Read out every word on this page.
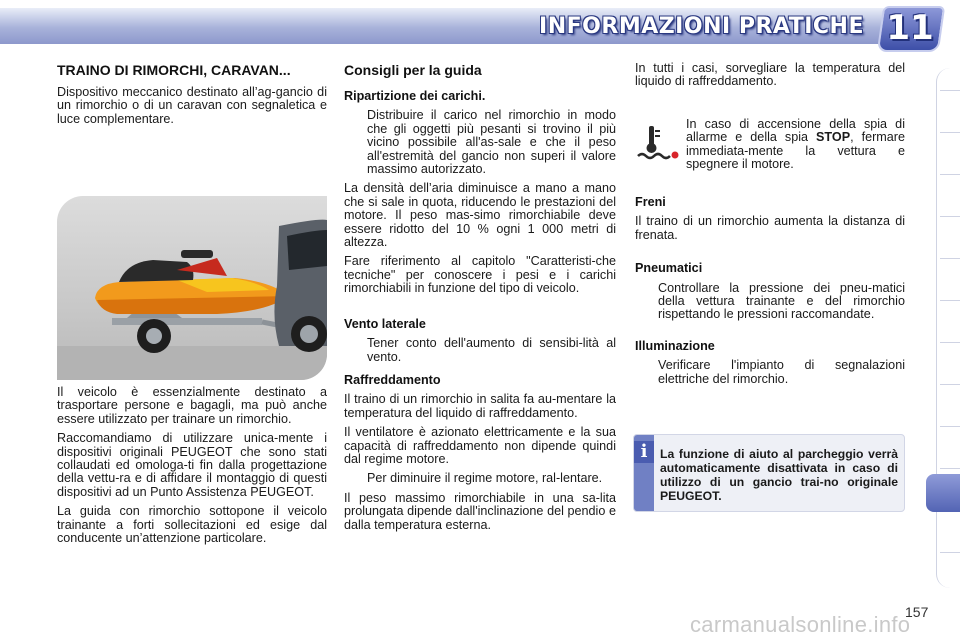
INFORMAZIONI PRATICHE 11
TRAINO DI RIMORCHI, CARAVAN...

Dispositivo meccanico destinato all’ag-gancio di un rimorchio o di un caravan con segnaletica e luce complementare.

Il veicolo è essenzialmente destinato a trasportare persone e bagagli, ma può anche essere utilizzato per trainare un rimorchio.

Raccomandiamo di utilizzare unica-mente i dispositivi originali PEUGEOT che sono stati collaudati ed omologa-ti fin dalla progettazione della vettu-ra e di affidare il montaggio di questi dispositivi ad un Punto Assistenza PEUGEOT.

La guida con rimorchio sottopone il veicolo trainante a forti sollecitazioni ed esige dal conducente un’attenzione particolare.

Consigli per la guida
Ripartizione dei carichi.
Distribuire il carico nel rimorchio in modo che gli oggetti più pesanti si trovino il più vicino possibile all'as-sale e che il peso all'estremità del gancio non superi il valore massimo autorizzato.

La densità dell’aria diminuisce a mano a mano che si sale in quota, riducendo le prestazioni del motore. Il peso mas-simo rimorchiabile deve essere ridotto del 10 % ogni 1 000 metri di altezza.

Fare riferimento al capitolo "Caratteristi-che tecniche" per conoscere i pesi e i carichi rimorchiabili in funzione del tipo di veicolo.

Vento laterale
Tener conto dell'aumento di sensibi-lità al vento.
Raffreddamento

Il traino di un rimorchio in salita fa au-mentare la temperatura del liquido di raffreddamento.

Il ventilatore è azionato elettricamente e la sua capacità di raffreddamento non dipende quindi dal regime motore.

Per diminuire il regime motore, ral-lentare.

Il peso massimo rimorchiabile in una sa-lita prolungata dipende dall'inclinazione del pendio e dalla temperatura esterna.

In tutti i casi, sorvegliare la temperatura del liquido di raffreddamento.

In caso di accensione della spia di allarme e della spia STOP, fermare immediata-mente la vettura e spegnere il motore.
Freni

Il traino di un rimorchio aumenta la distanza di frenata.

Pneumatici
Controllare la pressione dei pneu-matici della vettura trainante e del rimorchio rispettando le pressioni raccomandate.
Illuminazione
Verificare l'impianto di segnalazioni elettriche del rimorchio.
i	La funzione di aiuto al parcheggio verrà automaticamente disattivata in caso di utilizzo di un gancio trai-no originale PEUGEOT.
carmanualsonline.info
157
